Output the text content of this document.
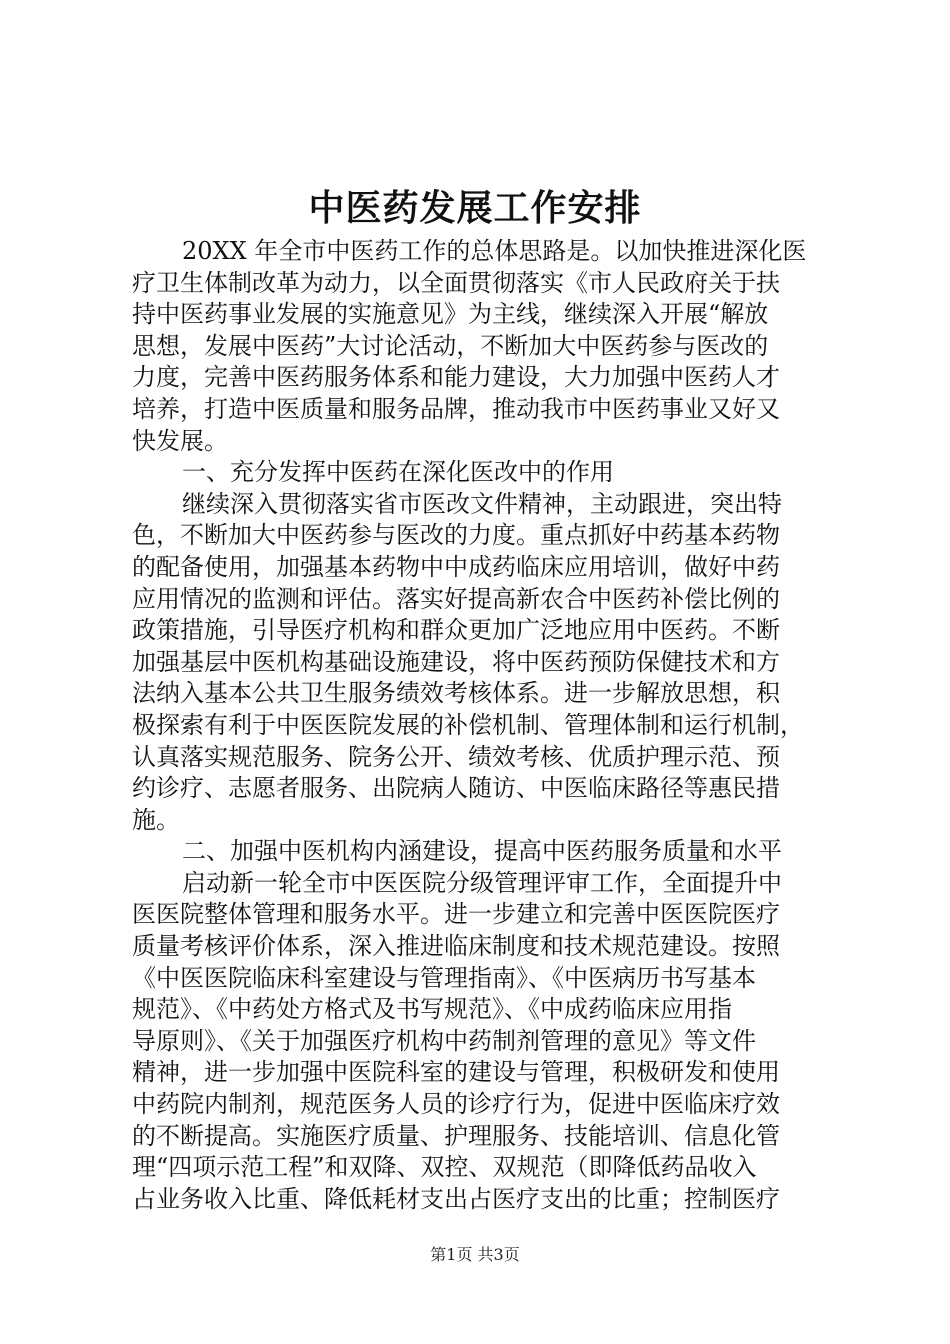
中医药发展工作安排
20XX 年全市中医药工作的总体思路是。以加快推进深化医
疗卫生体制改革为动力，以全面贯彻落实《市人民政府关于扶
持中医药事业发展的实施意见》为主线，继续深入开展“解放
思想，发展中医药”大讨论活动，不断加大中医药参与医改的
力度，完善中医药服务体系和能力建设，大力加强中医药人才
培养，打造中医质量和服务品牌，推动我市中医药事业又好又
快发展。
一、充分发挥中医药在深化医改中的作用
继续深入贯彻落实省市医改文件精神，主动跟进，突出特
色，不断加大中医药参与医改的力度。重点抓好中药基本药物
的配备使用，加强基本药物中中成药临床应用培训，做好中药
应用情况的监测和评估。落实好提高新农合中医药补偿比例的
政策措施，引导医疗机构和群众更加广泛地应用中医药。不断
加强基层中医机构基础设施建设，将中医药预防保健技术和方
法纳入基本公共卫生服务绩效考核体系。进一步解放思想，积
极探索有利于中医医院发展的补偿机制、管理体制和运行机制，
认真落实规范服务、院务公开、绩效考核、优质护理示范、预
约诊疗、志愿者服务、出院病人随访、中医临床路径等惠民措
施。
二、加强中医机构内涵建设，提高中医药服务质量和水平
启动新一轮全市中医医院分级管理评审工作，全面提升中
医医院整体管理和服务水平。进一步建立和完善中医医院医疗
质量考核评价体系，深入推进临床制度和技术规范建设。按照
《中医医院临床科室建设与管理指南》、《中医病历书写基本
规范》、《中药处方格式及书写规范》、《中成药临床应用指
导原则》、《关于加强医疗机构中药制剂管理的意见》等文件
精神，进一步加强中医院科室的建设与管理，积极研发和使用
中药院内制剂，规范医务人员的诊疗行为，促进中医临床疗效
的不断提高。实施医疗质量、护理服务、技能培训、信息化管
理“四项示范工程”和双降、双控、双规范（即降低药品收入
占业务收入比重、降低耗材支出占医疗支出的比重；控制医疗
第1页 共3页
